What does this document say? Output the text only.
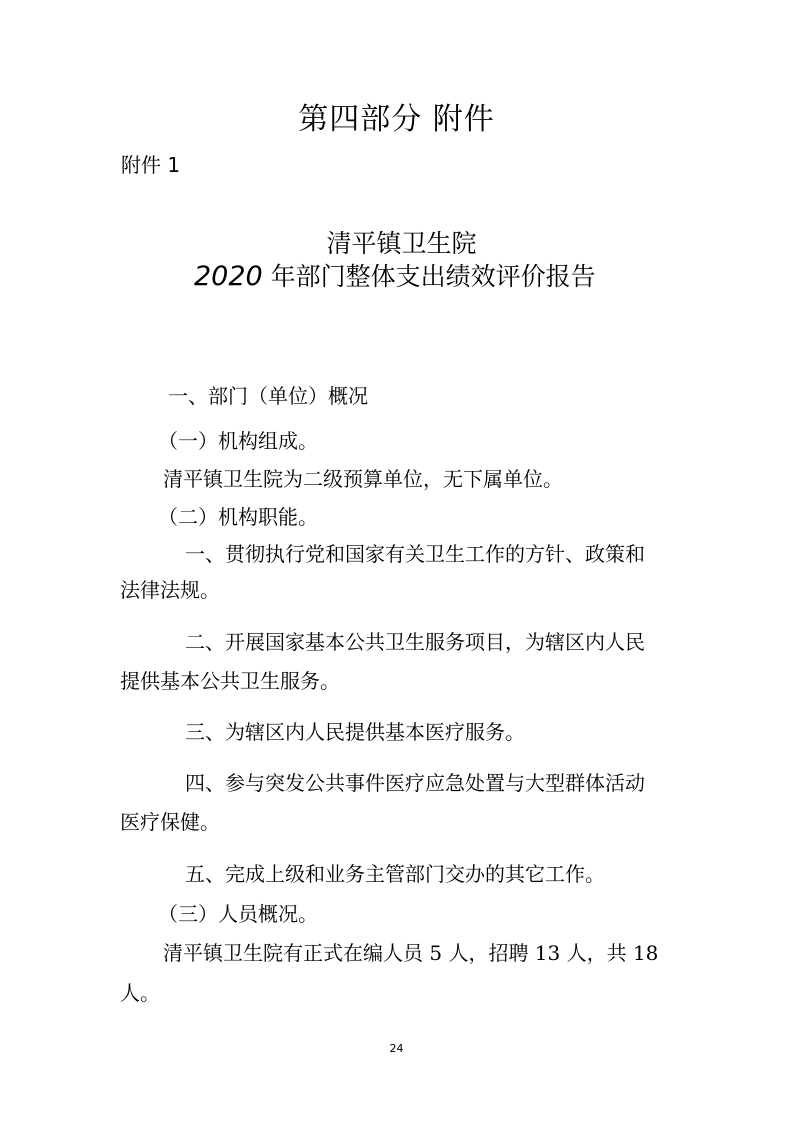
第四部分 附件
附件 1
清平镇卫生院
2020 年部门整体支出绩效评价报告
一、部门（单位）概况
（一）机构组成。
清平镇卫生院为二级预算单位，无下属单位。
（二）机构职能。
一、贯彻执行党和国家有关卫生工作的方针、政策和
法律法规。
二、开展国家基本公共卫生服务项目，为辖区内人民
提供基本公共卫生服务。
三、为辖区内人民提供基本医疗服务。
四、参与突发公共事件医疗应急处置与大型群体活动
医疗保健。
五、完成上级和业务主管部门交办的其它工作。
（三）人员概况。
清平镇卫生院有正式在编人员 5 人，招聘 13 人，共 18
人。
24
